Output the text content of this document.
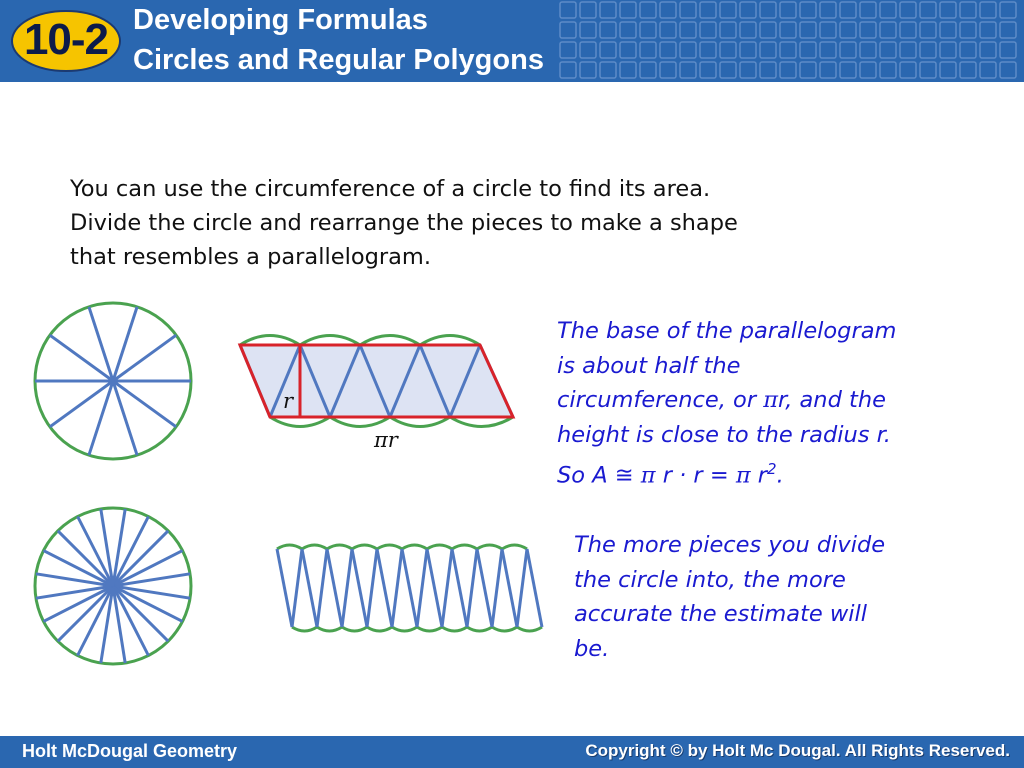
10-2 Developing Formulas
Circles and Regular Polygons

You can use the circumference of a circle to find its area.
Divide the circle and rearrange the pieces to make a shape
that resembles a parallelogram.

r
πr

The base of the parallelogram
is about half the
circumference, or πr, and the
height is close to the radius r.
So A ≅ π r · r = π $r^2$.

The more pieces you divide
the circle into, the more
accurate the estimate will
be.

Holt McDougal Geometry	Copyright © by Holt Mc Dougal. All Rights Reserved.
